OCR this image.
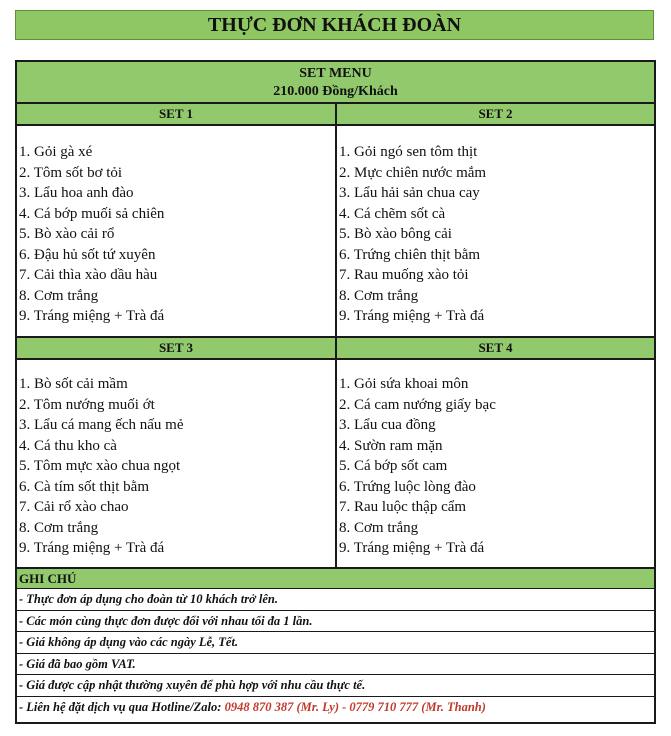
THỰC ĐƠN KHÁCH ĐOÀN
SET MENU
210.000 Đồng/Khách
SET 1	SET 2
1. Gỏi gà xé
2. Tôm sốt bơ tỏi
3. Lẩu hoa anh đào
4. Cá bớp muối sả chiên
5. Bò xào cải rổ
6. Đậu hủ sốt tứ xuyên
7. Cải thìa xào dầu hàu
8. Cơm trắng
9. Tráng miệng + Trà đá
1. Gỏi ngó sen tôm thịt
2. Mực chiên nước mắm
3. Lẩu hải sản chua cay
4. Cá chẽm sốt cà
5. Bò xào bông cải
6. Trứng chiên thịt bằm
7. Rau muống xào tỏi
8. Cơm trắng
9. Tráng miệng + Trà đá
SET 3	SET 4
1. Bò sốt cải mầm
2. Tôm nướng muối ớt
3. Lẩu cá mang ếch nấu mẻ
4. Cá thu kho cà
5. Tôm mực xào chua ngọt
6. Cà tím sốt thịt bằm
7. Cải rổ xào chao
8. Cơm trắng
9. Tráng miệng + Trà đá
1. Gỏi sứa khoai môn
2. Cá cam nướng giấy bạc
3. Lẩu cua đồng
4. Sườn ram mặn
5. Cá bớp sốt cam
6. Trứng luộc lòng đào
7. Rau luộc thập cẩm
8. Cơm trắng
9. Tráng miệng + Trà đá
GHI CHÚ
- Thực đơn áp dụng cho đoàn từ 10 khách trở lên.
- Các món cùng thực đơn được đổi với nhau tối đa 1 lần.
- Giá không áp dụng vào các ngày Lễ, Tết.
- Giá đã bao gồm VAT.
- Giá được cập nhật thường xuyên để phù hợp với nhu cầu thực tế.
- Liên hệ đặt dịch vụ qua Hotline/Zalo: 0948 870 387 (Mr. Ly) - 0779 710 777 (Mr. Thanh)
